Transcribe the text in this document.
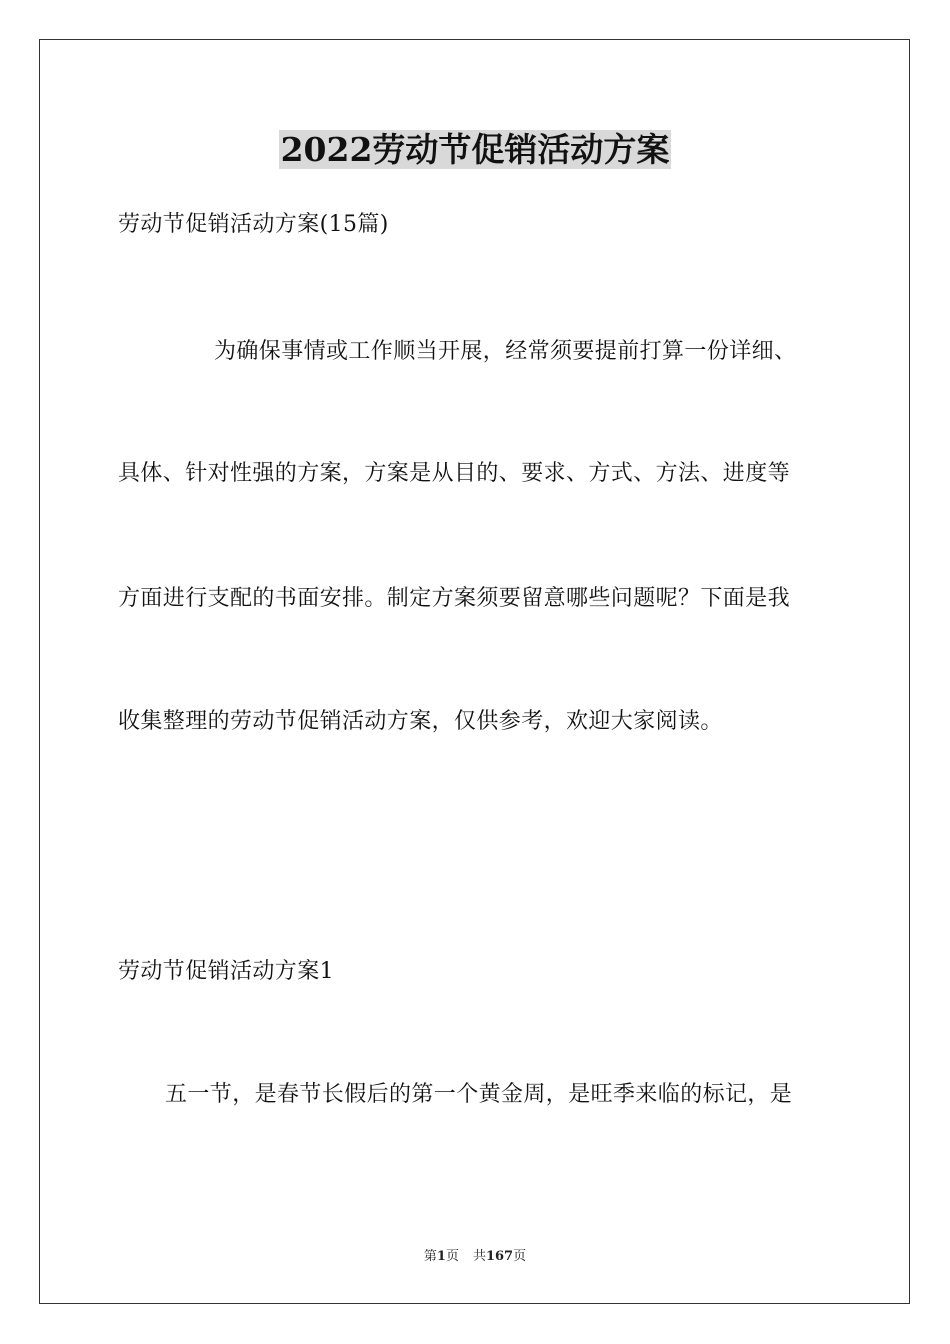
2022劳动节促销活动方案

劳动节促销活动方案(15篇)

为确保事情或工作顺当开展，经常须要提前打算一份详细、

具体、针对性强的方案，方案是从目的、要求、方式、方法、进度等

方面进行支配的书面安排。制定方案须要留意哪些问题呢？下面是我

收集整理的劳动节促销活动方案，仅供参考，欢迎大家阅读。

劳动节促销活动方案1

五一节，是春节长假后的第一个黄金周，是旺季来临的标记，是

第1页 共167页
